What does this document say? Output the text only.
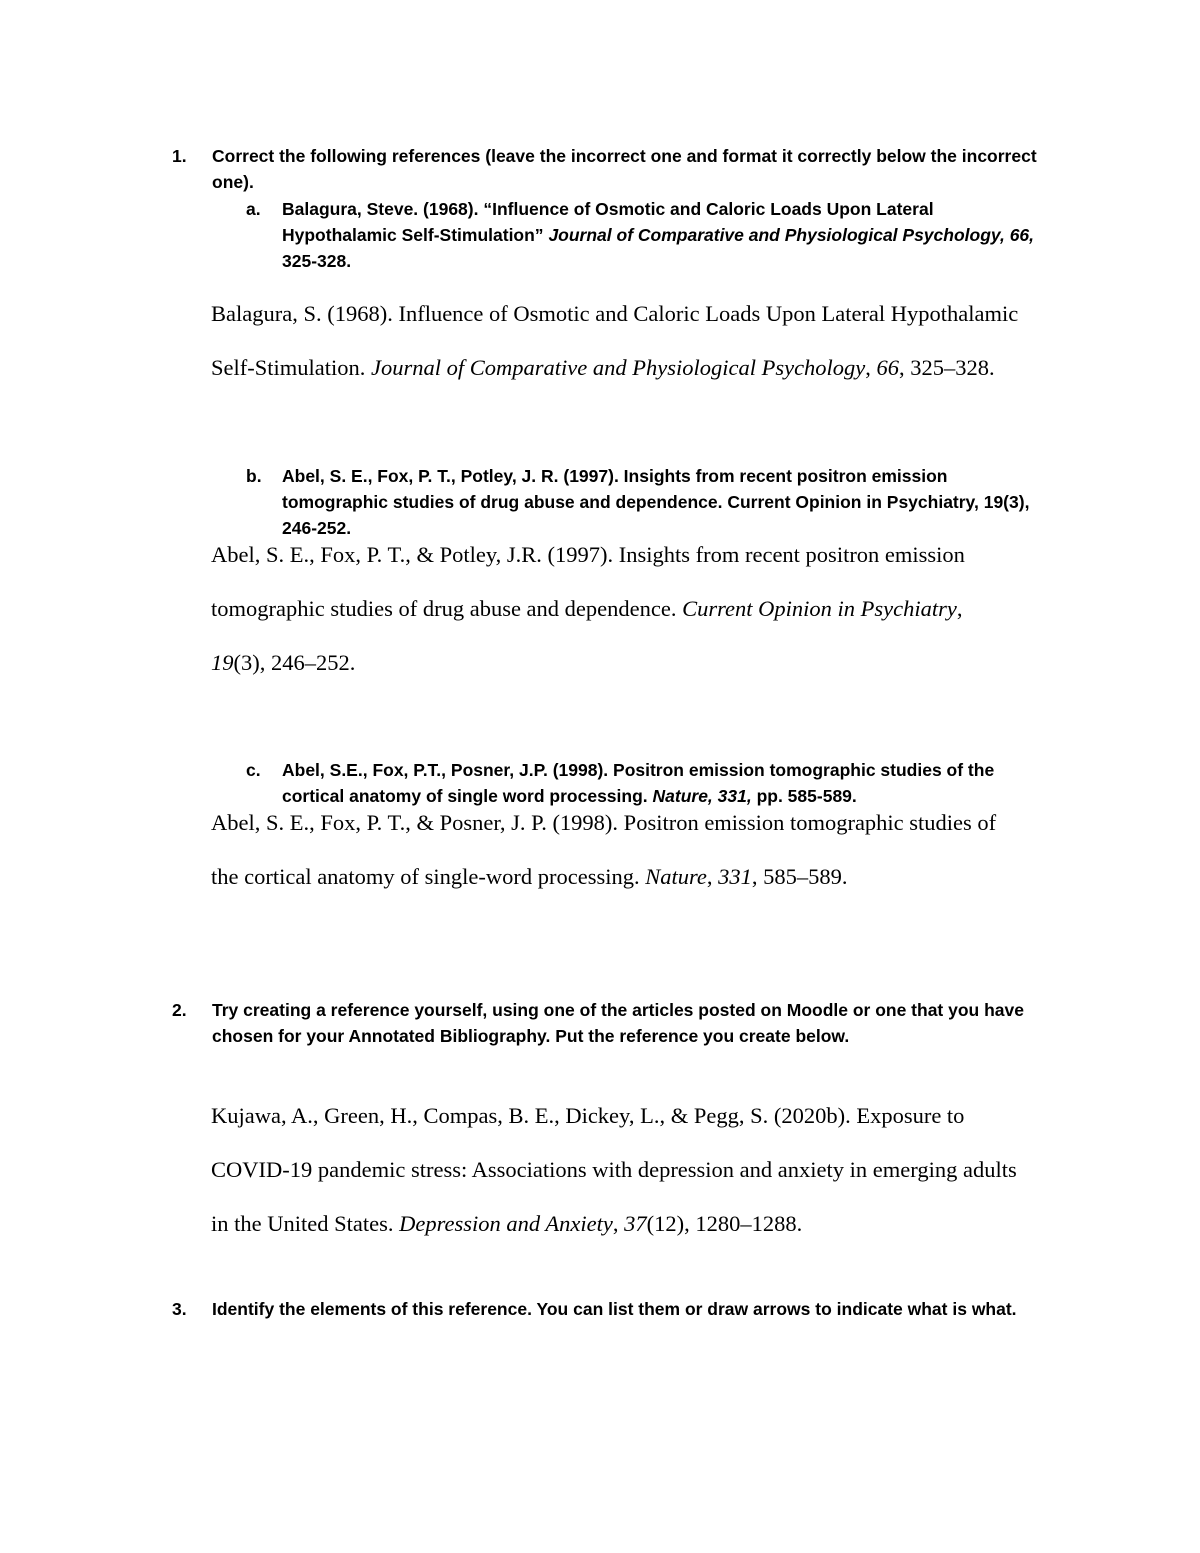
1. Correct the following references (leave the incorrect one and format it correctly below the incorrect one).
a. Balagura, Steve. (1968). “Influence of Osmotic and Caloric Loads Upon Lateral Hypothalamic Self-Stimulation” Journal of Comparative and Physiological Psychology, 66, 325-328.

Balagura, S. (1968). Influence of Osmotic and Caloric Loads Upon Lateral Hypothalamic

Self-Stimulation. Journal of Comparative and Physiological Psychology, 66, 325–328.

b. Abel, S. E., Fox, P. T., Potley, J. R. (1997). Insights from recent positron emission tomographic studies of drug abuse and dependence. Current Opinion in Psychiatry, 19(3), 246-252.

Abel, S. E., Fox, P. T., & Potley, J.R. (1997). Insights from recent positron emission

tomographic studies of drug abuse and dependence. Current Opinion in Psychiatry,

19(3), 246–252.

c. Abel, S.E., Fox, P.T., Posner, J.P. (1998). Positron emission tomographic studies of the cortical anatomy of single word processing. Nature, 331, pp. 585-589.

Abel, S. E., Fox, P. T., & Posner, J. P. (1998). Positron emission tomographic studies of

the cortical anatomy of single-word processing. Nature, 331, 585–589.

2. Try creating a reference yourself, using one of the articles posted on Moodle or one that you have chosen for your Annotated Bibliography. Put the reference you create below.

Kujawa, A., Green, H., Compas, B. E., Dickey, L., & Pegg, S. (2020b). Exposure to

COVID-19 pandemic stress: Associations with depression and anxiety in emerging adults

in the United States. Depression and Anxiety, 37(12), 1280–1288.

3. Identify the elements of this reference. You can list them or draw arrows to indicate what is what.
